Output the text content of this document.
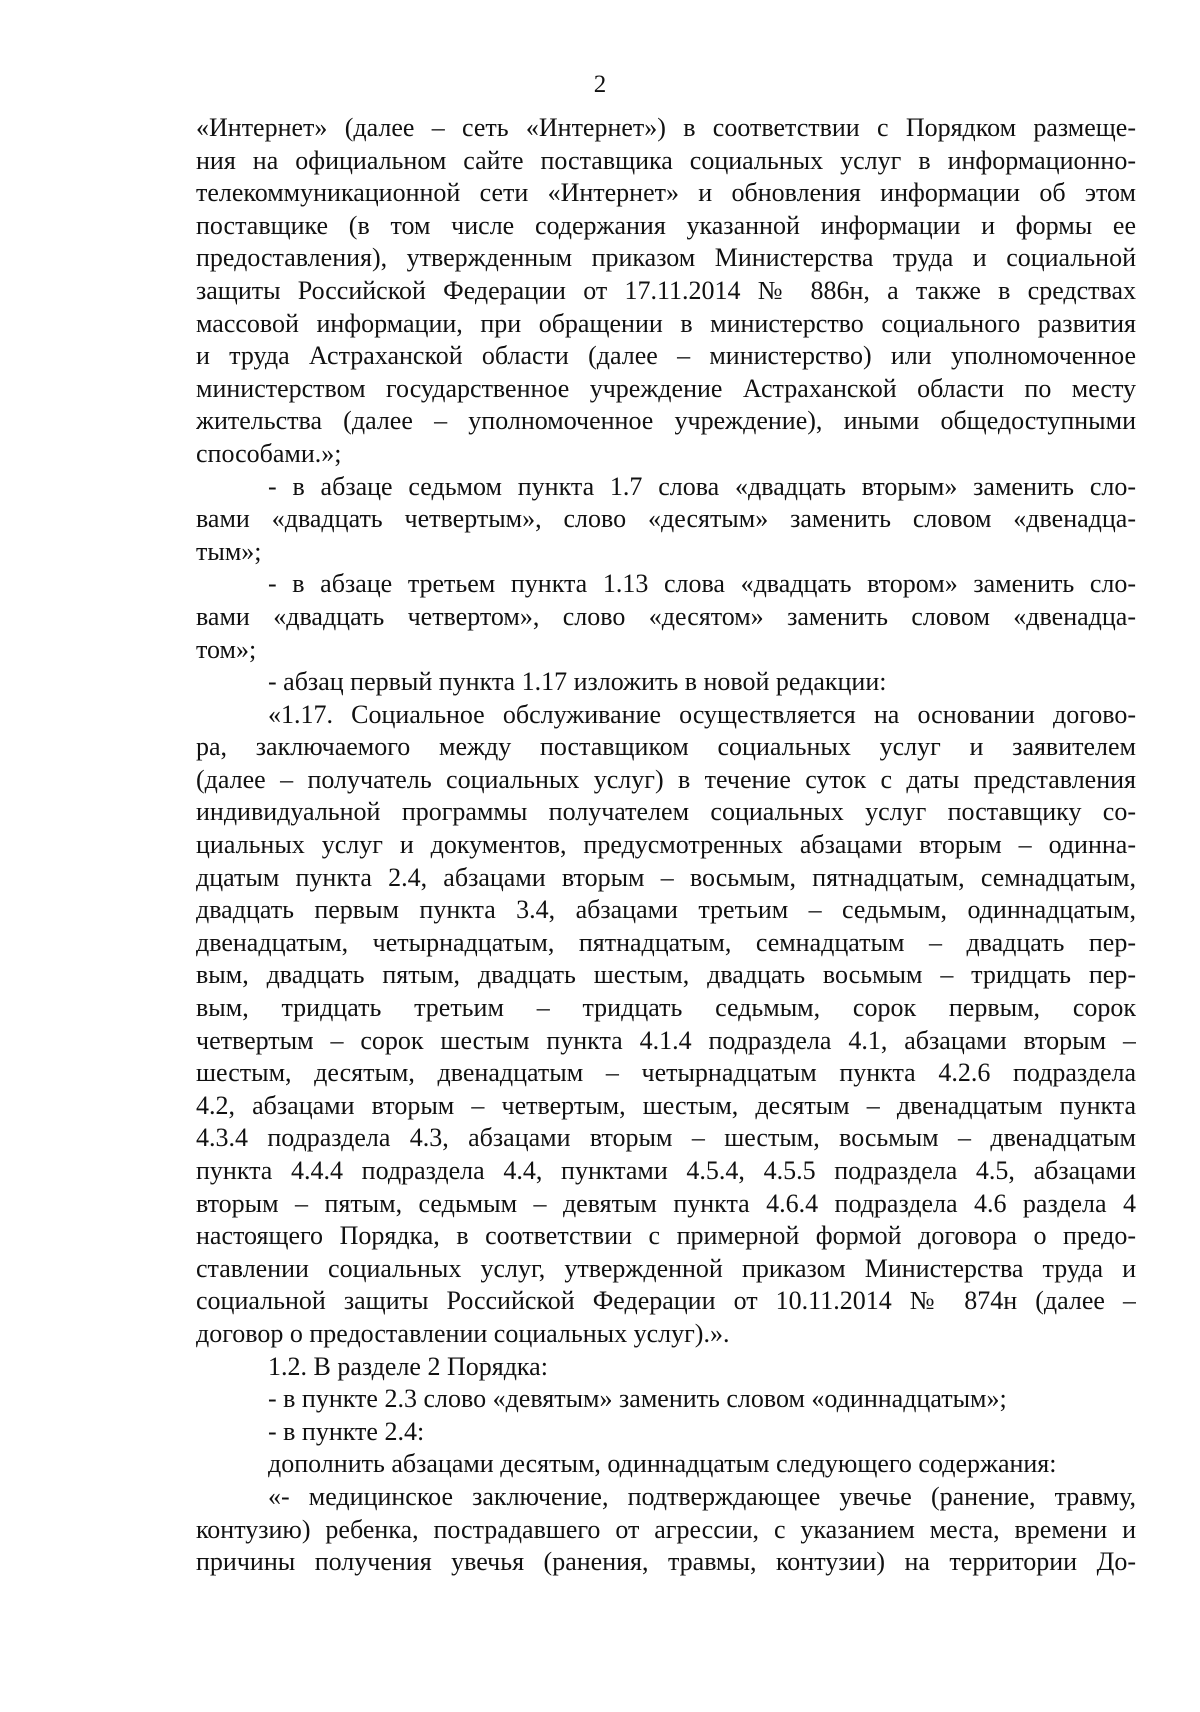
2
«Интернет» (далее – сеть «Интернет») в соответствии с Порядком размеще-
ния на официальном сайте поставщика социальных услуг в информационно-
телекоммуникационной сети «Интернет» и обновления информации об этом
поставщике (в том числе содержания указанной информации и формы ее
предоставления), утвержденным приказом Министерства труда и социальной
защиты Российской Федерации от 17.11.2014 № 886н, а также в средствах
массовой информации, при обращении в министерство социального развития
и труда Астраханской области (далее – министерство) или уполномоченное
министерством государственное учреждение Астраханской области по месту
жительства (далее – уполномоченное учреждение), иными общедоступными
способами.»;
- в абзаце седьмом пункта 1.7 слова «двадцать вторым» заменить сло-
вами «двадцать четвертым», слово «десятым» заменить словом «двенадца-
тым»;
- в абзаце третьем пункта 1.13 слова «двадцать втором» заменить сло-
вами «двадцать четвертом», слово «десятом» заменить словом «двенадца-
том»;
- абзац первый пункта 1.17 изложить в новой редакции:
«1.17. Социальное обслуживание осуществляется на основании догово-
ра, заключаемого между поставщиком социальных услуг и заявителем
(далее – получатель социальных услуг) в течение суток с даты представления
индивидуальной программы получателем социальных услуг поставщику со-
циальных услуг и документов, предусмотренных абзацами вторым – одинна-
дцатым пункта 2.4, абзацами вторым – восьмым, пятнадцатым, семнадцатым,
двадцать первым пункта 3.4, абзацами третьим – седьмым, одиннадцатым,
двенадцатым, четырнадцатым, пятнадцатым, семнадцатым – двадцать пер-
вым, двадцать пятым, двадцать шестым, двадцать восьмым – тридцать пер-
вым, тридцать третьим – тридцать седьмым, сорок первым, сорок
четвертым – сорок шестым пункта 4.1.4 подраздела 4.1, абзацами вторым –
шестым, десятым, двенадцатым – четырнадцатым пункта 4.2.6 подраздела
4.2, абзацами вторым – четвертым, шестым, десятым – двенадцатым пункта
4.3.4 подраздела 4.3, абзацами вторым – шестым, восьмым – двенадцатым
пункта 4.4.4 подраздела 4.4, пунктами 4.5.4, 4.5.5 подраздела 4.5, абзацами
вторым – пятым, седьмым – девятым пункта 4.6.4 подраздела 4.6 раздела 4
настоящего Порядка, в соответствии с примерной формой договора о предо-
ставлении социальных услуг, утвержденной приказом Министерства труда и
социальной защиты Российской Федерации от 10.11.2014 № 874н (далее –
договор о предоставлении социальных услуг).».
1.2. В разделе 2 Порядка:
- в пункте 2.3 слово «девятым» заменить словом «одиннадцатым»;
- в пункте 2.4:
дополнить абзацами десятым, одиннадцатым следующего содержания:
«- медицинское заключение, подтверждающее увечье (ранение, травму,
контузию) ребенка, пострадавшего от агрессии, с указанием места, времени и
причины получения увечья (ранения, травмы, контузии) на территории До-
